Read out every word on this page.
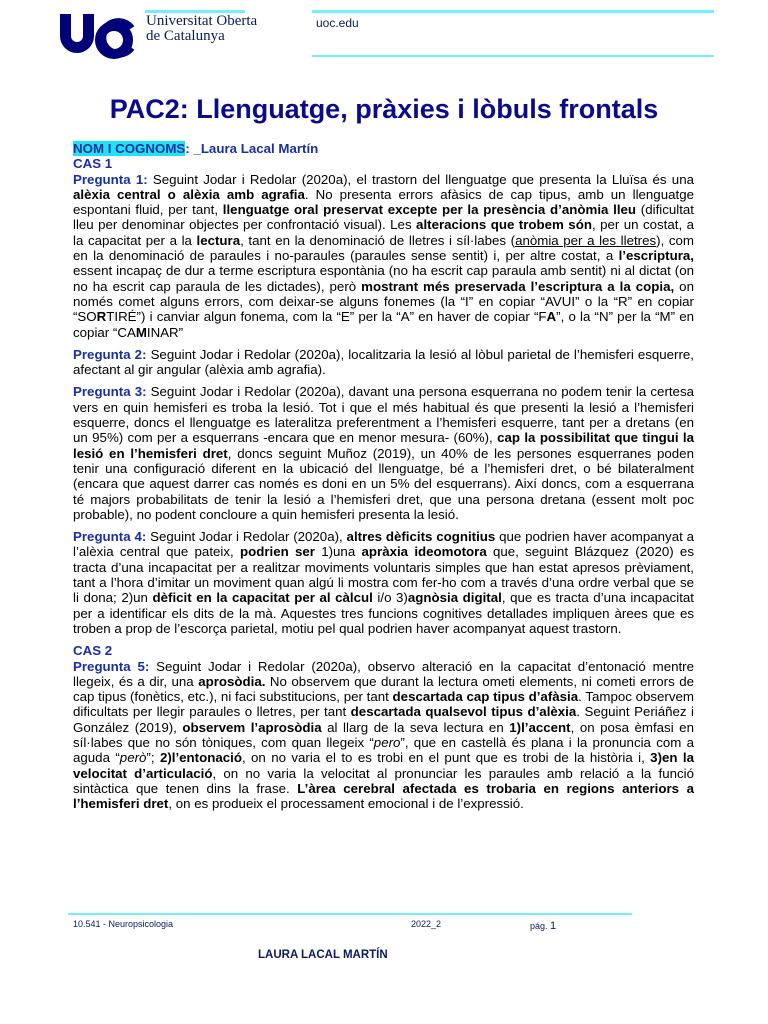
Universitat Oberta
de Catalunya
uoc.edu
PAC2: Llenguatge, pràxies i lòbuls frontals
NOM I COGNOMS: _Laura Lacal Martín
CAS 1

Pregunta 1: Seguint Jodar i Redolar (2020a), el trastorn del llenguatge que presenta la Lluïsa és una alèxia central o alèxia amb agrafia. No presenta errors afàsics de cap tipus, amb un llenguatge espontani fluid, per tant, llenguatge oral preservat excepte per la presència d’anòmia lleu (dificultat lleu per denominar objectes per confrontació visual). Les alteracions que trobem són, per un costat, a la capacitat per a la lectura, tant en la denominació de lletres i síl·labes (anòmia per a les lletres), com en la denominació de paraules i no-paraules (paraules sense sentit) i, per altre costat, a l’escriptura, essent incapaç de dur a terme escriptura espontània (no ha escrit cap paraula amb sentit) ni al dictat (on no ha escrit cap paraula de les dictades), però mostrant més preservada l’escriptura a la copia, on només comet alguns errors, com deixar-se alguns fonemes (la “I” en copiar “AVUI” o la “R” en copiar “SORTIRÉ”) i canviar algun fonema, com la “E” per la “A” en haver de copiar “FA”, o la “N” per la “M” en copiar “CAMINAR”

Pregunta 2: Seguint Jodar i Redolar (2020a), localitzaria la lesió al lòbul parietal de l’hemisferi esquerre, afectant al gir angular (alèxia amb agrafia).

Pregunta 3: Seguint Jodar i Redolar (2020a), davant una persona esquerrana no podem tenir la certesa vers en quin hemisferi es troba la lesió. Tot i que el més habitual és que presenti la lesió a l’hemisferi esquerre, doncs el llenguatge es lateralitza preferentment a l’hemisferi esquerre, tant per a dretans (en un 95%) com per a esquerrans -encara que en menor mesura- (60%), cap la possibilitat que tingui la lesió en l’hemisferi dret, doncs seguint Muñoz (2019), un 40% de les persones esquerranes poden tenir una configuració diferent en la ubicació del llenguatge, bé a l’hemisferi dret, o bé bilateralment (encara que aquest darrer cas només es doni en un 5% del esquerrans). Així doncs, com a esquerrana té majors probabilitats de tenir la lesió a l’hemisferi dret, que una persona dretana (essent molt poc probable), no podent concloure a quin hemisferi presenta la lesió.

Pregunta 4: Seguint Jodar i Redolar (2020a), altres dèficits cognitius que podrien haver acompanyat a l’alèxia central que pateix, podrien ser 1)una apràxia ideomotora que, seguint Blázquez (2020) es tracta d’una incapacitat per a realitzar moviments voluntaris simples que han estat apresos prèviament, tant a l’hora d’imitar un moviment quan algú li mostra com fer-ho com a través d’una ordre verbal que se li dona; 2)un dèficit en la capacitat per al càlcul i/o 3)agnòsia digital, que es tracta d’una incapacitat per a identificar els dits de la mà. Aquestes tres funcions cognitives detallades impliquen àrees que es troben a prop de l’escorça parietal, motiu pel qual podrien haver acompanyat aquest trastorn.

CAS 2

Pregunta 5: Seguint Jodar i Redolar (2020a), observo alteració en la capacitat d’entonació mentre llegeix, és a dir, una aprosòdia. No observem que durant la lectura ometi elements, ni cometi errors de cap tipus (fonètics, etc.), ni faci substitucions, per tant descartada cap tipus d’afàsia. Tampoc observem dificultats per llegir paraules o lletres, per tant descartada qualsevol tipus d’alèxia. Seguint Periáñez i González (2019), observem l’aprosòdia al llarg de la seva lectura en 1)l’accent, on posa èmfasi en síl·labes que no són tòniques, com quan llegeix “pero”, que en castellà és plana i la pronuncia com a aguda “però”; 2)l’entonació, on no varia el to es trobi en el punt que es trobi de la història i, 3)en la velocitat d’articulació, on no varia la velocitat al pronunciar les paraules amb relació a la funció sintàctica que tenen dins la frase. L’àrea cerebral afectada es trobaria en regions anteriors a l’hemisferi dret, on es produeix el processament emocional i de l’expressió.

10.541 - Neuropsicologia	2022_2	pág. 1
LAURA LACAL MARTÍN
